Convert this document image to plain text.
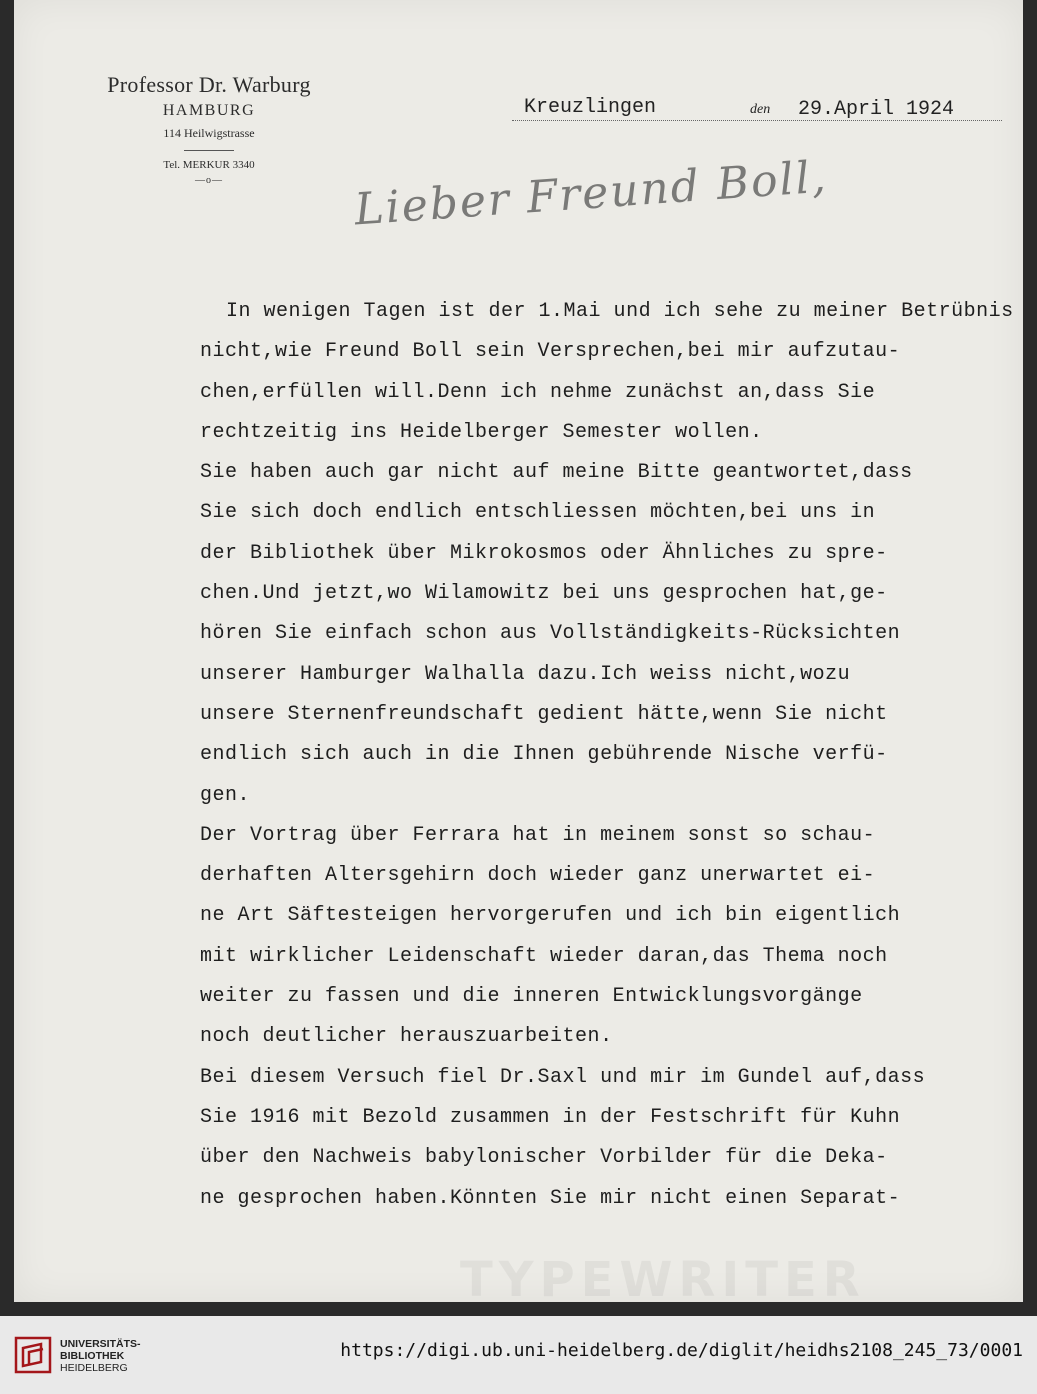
Professor Dr. Warburg
HAMBURG
114 Heilwigstrasse
Tel. MERKUR 3340
—o—
Kreuzlingen	den 29.April 1924
Lieber Freund Boll,
In wenigen Tagen ist der 1.Mai und ich sehe zu meiner Betrübnis
nicht,wie Freund Boll sein Versprechen,bei mir aufzutau-
chen,erfüllen will.Denn ich nehme zunächst an,dass Sie
rechtzeitig ins Heidelberger Semester wollen.
Sie haben auch gar nicht auf meine Bitte geantwortet,dass
Sie sich doch endlich entschliessen möchten,bei uns in
der Bibliothek über Mikrokosmos oder Ähnliches zu spre-
chen.Und jetzt,wo Wilamowitz bei uns gesprochen hat,ge-
hören Sie einfach schon aus Vollständigkeits-Rücksichten
unserer Hamburger Walhalla dazu.Ich weiss nicht,wozu
unsere Sternenfreundschaft gedient hätte,wenn Sie nicht
endlich sich auch in die Ihnen gebührende Nische verfü-
gen.
Der Vortrag über Ferrara hat in meinem sonst so schau-
derhaften Altersgehirn doch wieder ganz unerwartet ei-
ne Art Säftesteigen hervorgerufen und ich bin eigentlich
mit wirklicher Leidenschaft wieder daran,das Thema noch
weiter zu fassen und die inneren Entwicklungsvorgänge
noch deutlicher herauszuarbeiten.
Bei diesem Versuch fiel Dr.Saxl und mir im Gundel auf,dass
Sie 1916 mit Bezold zusammen in der Festschrift für Kuhn
über den Nachweis babylonischer Vorbilder für die Deka-
ne gesprochen haben.Könnten Sie mir nicht einen Separat-
TYPEWRITER
UNIVERSITÄTS-
BIBLIOTHEK
HEIDELBERG
https://digi.ub.uni-heidelberg.de/diglit/heidhs2108_245_73/0001
